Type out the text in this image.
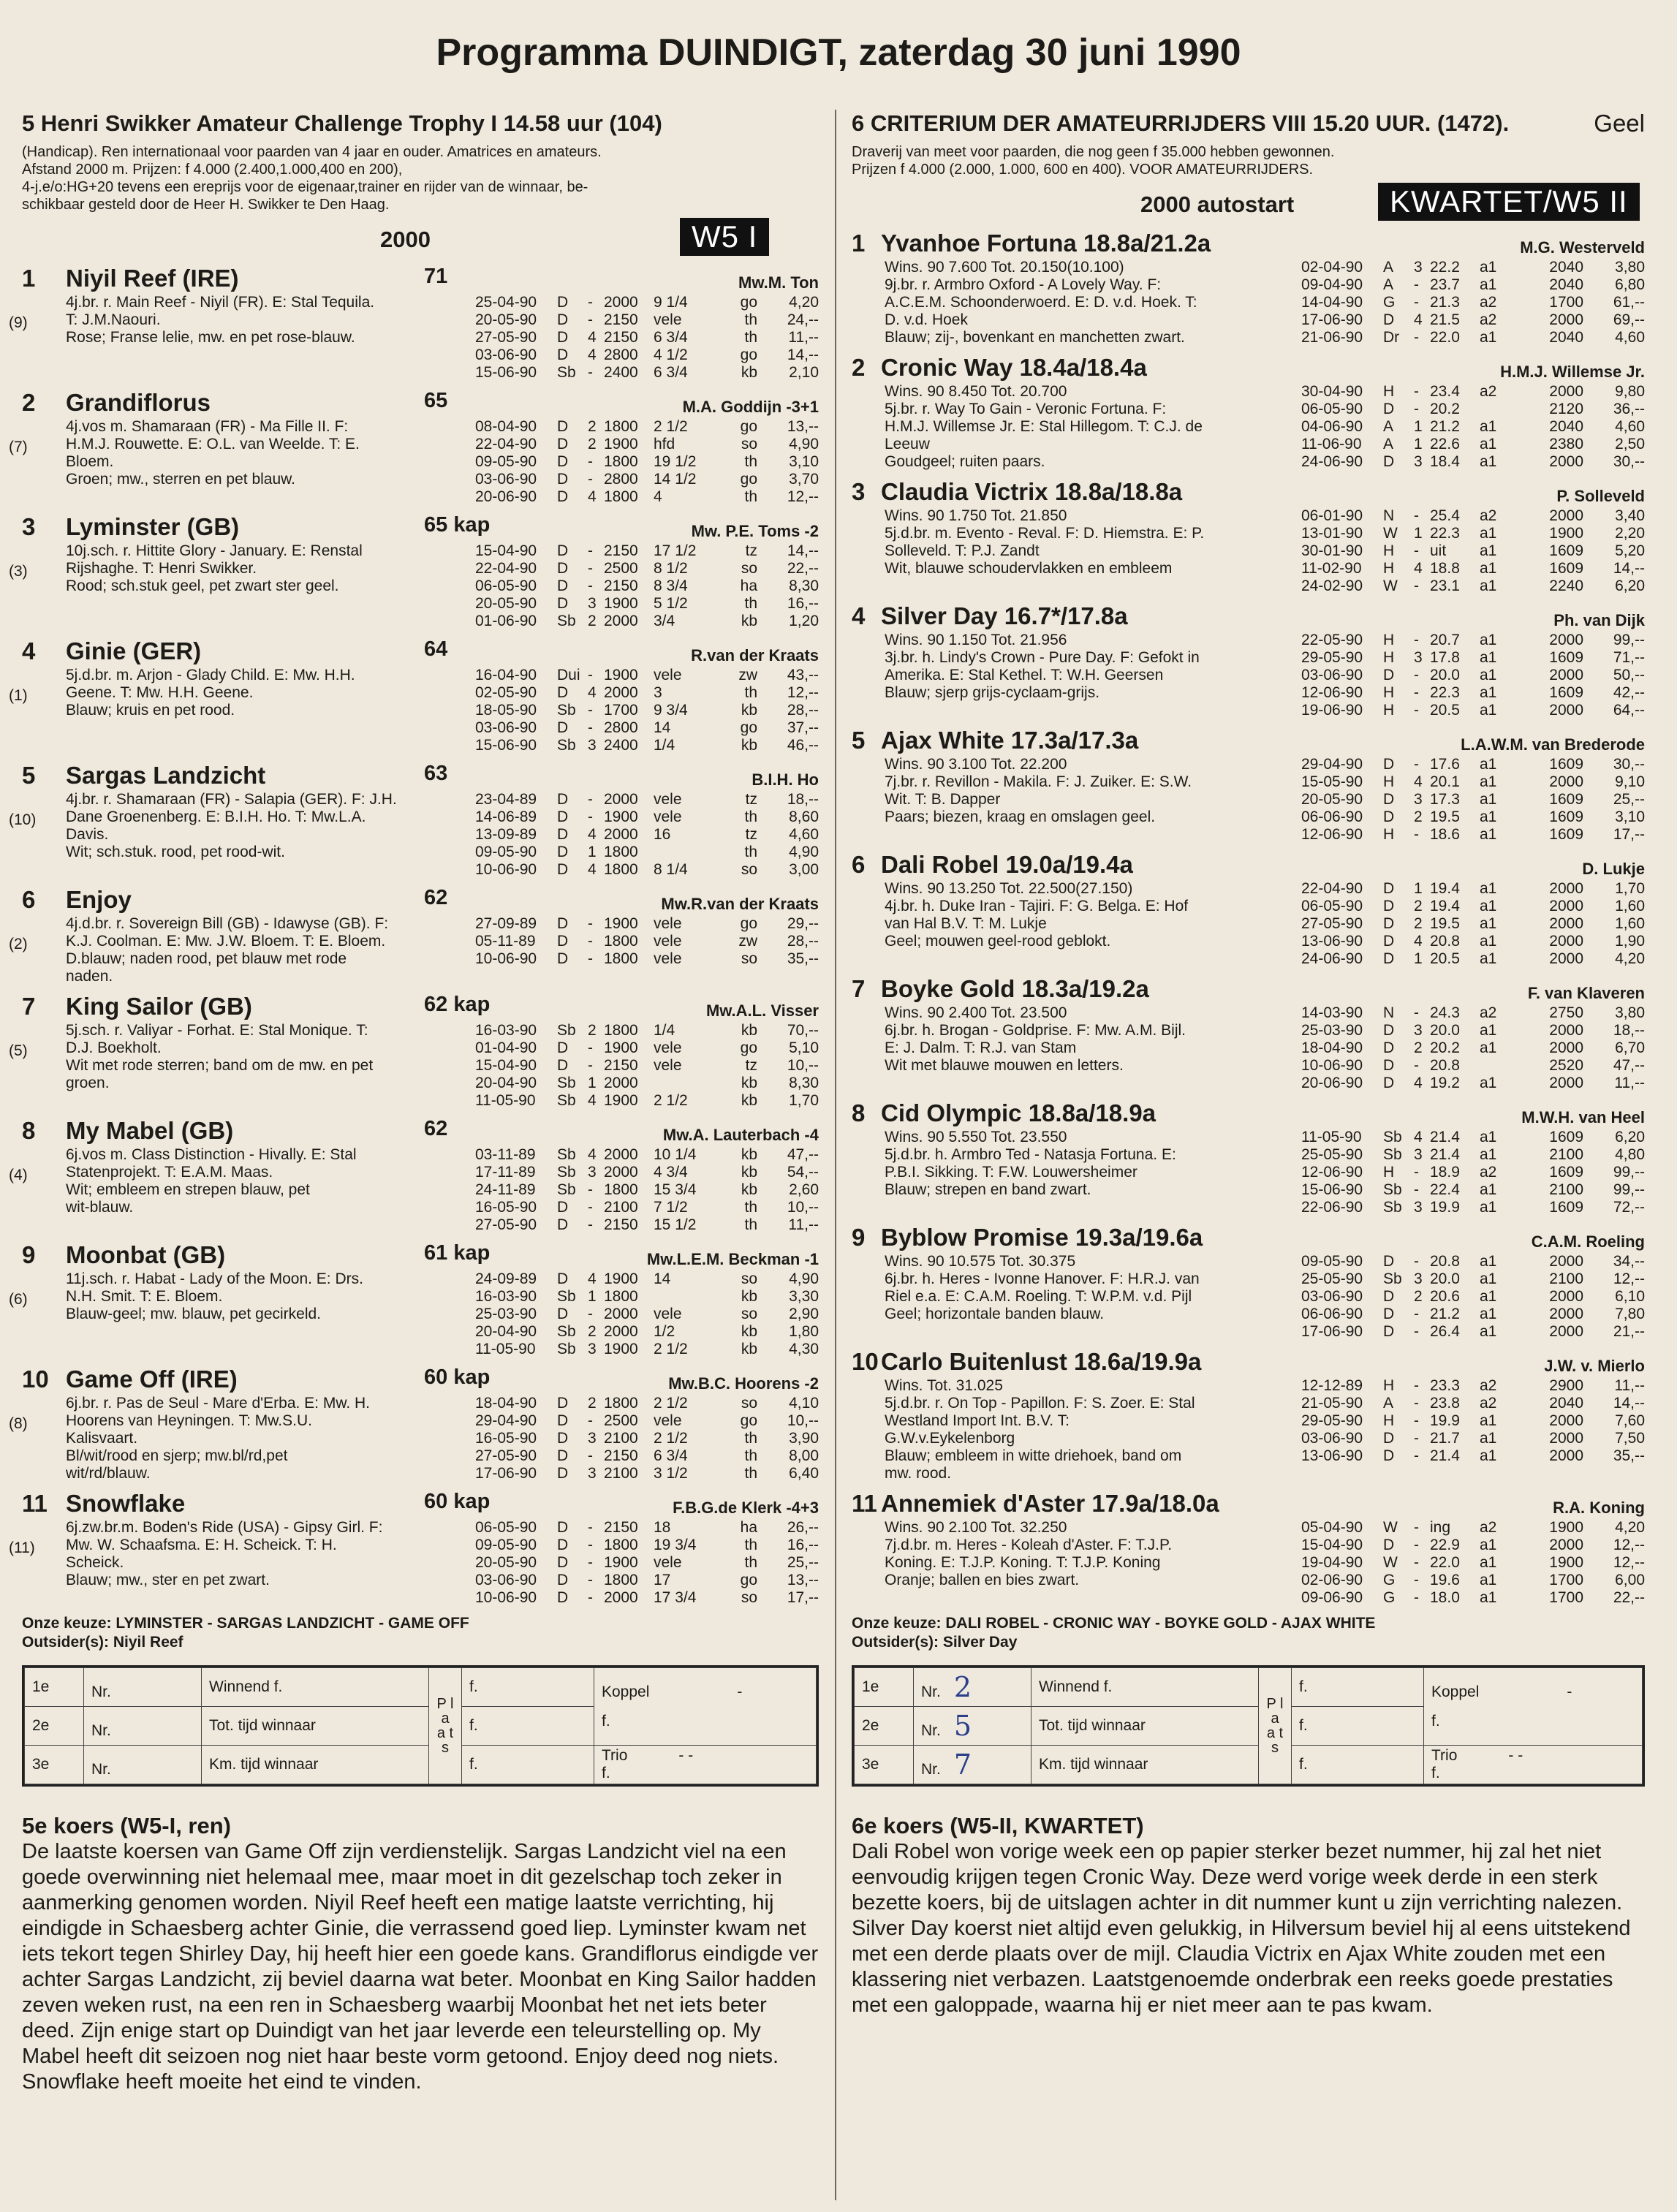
Programma DUINDIGT, zaterdag 30 juni 1990
5 Henri Swikker Amateur Challenge Trophy I 14.58 uur (104)
(Handicap). Ren internationaal voor paarden van 4 jaar en ouder. Amatrices en amateurs.
Afstand 2000 m. Prijzen: f 4.000 (2.400,1.000,400 en 200),
4-j.e/o:HG+20 tevens een ereprijs voor de eigenaar,trainer en rijder van de winnaar, be-
schikbaar gesteld door de Heer H. Swikker te Den Haag.
2000	W5 I
1 Niyil Reef (IRE)	71	Mw.M. Ton
4j.br. r. Main Reef - Niyil (FR). E: Stal Tequila.
T: J.M.Naouri.
Rose; Franse lelie, mw. en pet rose-blauw.
(9)
25-04-90 D - 2000 9 1/4	go 4,20
20-05-90 D - 2150 vele	th 24,--
27-05-90 D 4 2150 6 3/4	th 11,--
03-06-90 D 4 2800 4 1/2	go 14,--
15-06-90 Sb - 2400 6 3/4	kb 2,10
2 Grandiflorus	65	M.A. Goddijn -3+1
4j.vos m. Shamaraan (FR) - Ma Fille II. F:
H.M.J. Rouwette. E: O.L. van Weelde. T: E.
Bloem.
Groen; mw., sterren en pet blauw.
(7)
08-04-90 D 2 1800 2 1/2	go 13,--
22-04-90 D 2 1900 hfd	so 4,90
09-05-90 D - 1800 19 1/2	th 3,10
03-06-90 D - 2800 14 1/2	go 3,70
20-06-90 D 4 1800 4	th 12,--
3 Lyminster (GB)	65 kap	Mw. P.E. Toms -2
10j.sch. r. Hittite Glory - January. E: Renstal
Rijshaghe. T: Henri Swikker.
Rood; sch.stuk geel, pet zwart ster geel.
(3)
15-04-90 D - 2150 17 1/2	tz 14,--
22-04-90 D - 2500 8 1/2	so 22,--
06-05-90 D - 2150 8 3/4	ha 8,30
20-05-90 D 3 1900 5 1/2	th 16,--
01-06-90 Sb 2 2000 3/4	kb 1,20
4 Ginie (GER)	64	R.van der Kraats
5j.d.br. m. Arjon - Glady Child. E: Mw. H.H.
Geene. T: Mw. H.H. Geene.
Blauw; kruis en pet rood.
(1)
16-04-90 Dui - 1900 vele	zw 43,--
02-05-90 D 4 2000 3	th 12,--
18-05-90 Sb - 1700 9 3/4	kb 28,--
03-06-90 D - 2800 14	go 37,--
15-06-90 Sb 3 2400 1/4	kb 46,--
5 Sargas Landzicht	63	B.I.H. Ho
4j.br. r. Shamaraan (FR) - Salapia (GER). F: J.H.
Dane Groenenberg. E: B.I.H. Ho. T: Mw.L.A.
Davis.
Wit; sch.stuk. rood, pet rood-wit.
(10)
23-04-89 D - 2000 vele	tz 18,--
14-06-89 D - 1900 vele	th 8,60
13-09-89 D 4 2000 16	tz 4,60
09-05-90 D 1 1800	th 4,90
10-06-90 D 4 1800 8 1/4	so 3,00
6 Enjoy	62	Mw.R.van der Kraats
4j.d.br. r. Sovereign Bill (GB) - Idawyse (GB). F:
K.J. Coolman. E: Mw. J.W. Bloem. T: E. Bloem.
D.blauw; naden rood, pet blauw met rode
naden.
(2)
27-09-89 D - 1900 vele	go 29,--
05-11-89 D - 1800 vele	zw 28,--
10-06-90 D - 1800 vele	so 35,--
7 King Sailor (GB)	62 kap	Mw.A.L. Visser
5j.sch. r. Valiyar - Forhat. E: Stal Monique. T:
D.J. Boekholt.
Wit met rode sterren; band om de mw. en pet
groen.
(5)
16-03-90 Sb 2 1800 1/4	kb 70,--
01-04-90 D - 1900 vele	go 5,10
15-04-90 D - 2150 vele	tz 10,--
20-04-90 Sb 1 2000	kb 8,30
11-05-90 Sb 4 1900 2 1/2	kb 1,70
8 My Mabel (GB)	62	Mw.A. Lauterbach -4
6j.vos m. Class Distinction - Hivally. E: Stal
Statenprojekt. T: E.A.M. Maas.
Wit; embleem en strepen blauw, pet
wit-blauw.
(4)
03-11-89 Sb 4 2000 10 1/4	kb 47,--
17-11-89 Sb 3 2000 4 3/4	kb 54,--
24-11-89 Sb - 1800 15 3/4	kb 2,60
16-05-90 D - 2100 7 1/2	th 10,--
27-05-90 D - 2150 15 1/2	th 11,--
9 Moonbat (GB)	61 kap	Mw.L.E.M. Beckman -1
11j.sch. r. Habat - Lady of the Moon. E: Drs.
N.H. Smit. T: E. Bloem.
Blauw-geel; mw. blauw, pet gecirkeld.
(6)
24-09-89 D 4 1900 14	so 4,90
16-03-90 Sb 1 1800	kb 3,30
25-03-90 D - 2000 vele	so 2,90
20-04-90 Sb 2 2000 1/2	kb 1,80
11-05-90 Sb 3 1900 2 1/2	kb 4,30
10 Game Off (IRE)	60 kap	Mw.B.C. Hoorens -2
6j.br. r. Pas de Seul - Mare d'Erba. E: Mw. H.
Hoorens van Heyningen. T: Mw.S.U.
Kalisvaart.
Bl/wit/rood en sjerp; mw.bl/rd,pet
wit/rd/blauw.
(8)
18-04-90 D 2 1800 2 1/2	so 4,10
29-04-90 D - 2500 vele	go 10,--
16-05-90 D 3 2100 2 1/2	th 3,90
27-05-90 D - 2150 6 3/4	th 8,00
17-06-90 D 3 2100 3 1/2	th 6,40
11 Snowflake	60 kap	F.B.G.de Klerk -4+3
6j.zw.br.m. Boden's Ride (USA) - Gipsy Girl. F:
Mw. W. Schaafsma. E: H. Scheick. T: H.
Scheick.
Blauw; mw., ster en pet zwart.
(11)
06-05-90 D - 2150 18	ha 26,--
09-05-90 D - 1800 19 3/4	th 16,--
20-05-90 D - 1900 vele	th 25,--
03-06-90 D - 1800 17	go 13,--
10-06-90 D - 2000 17 3/4	so 17,--
Onze keuze: LYMINSTER - SARGAS LANDZICHT - GAME OFF
Outsider(s): Niyil Reef
1e	Nr.	Winnend f.	P l a a t s	f.	Koppel -
f.

2e	Nr.	Tot. tijd winnaar		f.	
3e	Nr.	Km. tijd winnaar		f.	Trio - -
f.
5e koers (W5-I, ren)
De laatste koersen van Game Off zijn verdienstelijk. Sargas Landzicht viel na een goede overwinning niet helemaal mee, maar moet in dit gezelschap toch zeker in aanmerking genomen worden. Niyil Reef heeft een matige laatste verrichting, hij eindigde in Schaesberg achter Ginie, die verrassend goed liep. Lyminster kwam net iets tekort tegen Shirley Day, hij heeft hier een goede kans. Grandiflorus eindigde ver achter Sargas Landzicht, zij beviel daarna wat beter. Moonbat en King Sailor hadden zeven weken rust, na een ren in Schaesberg waarbij Moonbat het net iets beter deed. Zijn enige start op Duindigt van het jaar leverde een teleurstelling op. My Mabel heeft dit seizoen nog niet haar beste vorm getoond. Enjoy deed nog niets. Snowflake heeft moeite het eind te vinden.
Geel
6 CRITERIUM DER AMATEURRIJDERS VIII 15.20 UUR. (1472).
Draverij van meet voor paarden, die nog geen f 35.000 hebben gewonnen.
Prijzen f 4.000 (2.000, 1.000, 600 en 400). VOOR AMATEURRIJDERS.
2000 autostart	KWARTET/W5 II
1 Yvanhoe Fortuna 18.8a/21.2a	M.G. Westerveld
Wins. 90 7.600 Tot. 20.150(10.100)
9j.br. r. Armbro Oxford - A Lovely Way. F:
A.C.E.M. Schoonderwoerd. E: D. v.d. Hoek. T:
D. v.d. Hoek
Blauw; zij-, bovenkant en manchetten zwart.
02-04-90 A 3 22.2 a1	2040 3,80
09-04-90 A - 23.7 a1	2040 6,80
14-04-90 G - 21.3 a2	1700 61,--
17-06-90 D 4 21.5 a2	2000 69,--
21-06-90 Dr - 22.0 a1	2040 4,60
2 Cronic Way 18.4a/18.4a	H.M.J. Willemse Jr.
Wins. 90 8.450 Tot. 20.700
5j.br. r. Way To Gain - Veronic Fortuna. F:
H.M.J. Willemse Jr. E: Stal Hillegom. T: C.J. de
Leeuw
Goudgeel; ruiten paars.
30-04-90 H - 23.4 a2	2000 9,80
06-05-90 D - 20.2	2120 36,--
04-06-90 A 1 21.2 a1	2040 4,60
11-06-90 A 1 22.6 a1	2380 2,50
24-06-90 D 3 18.4 a1	2000 30,--
3 Claudia Victrix 18.8a/18.8a	P. Solleveld
Wins. 90 1.750 Tot. 21.850
5j.d.br. m. Evento - Reval. F: D. Hiemstra. E: P.
Solleveld. T: P.J. Zandt
Wit, blauwe schoudervlakken en embleem
06-01-90 N - 25.4 a2	2000 3,40
13-01-90 W 1 22.3 a1	1900 2,20
30-01-90 H - uit a1	1609 5,20
11-02-90 H 4 18.8 a1	1609 14,--
24-02-90 W - 23.1 a1	2240 6,20
4 Silver Day 16.7*/17.8a	Ph. van Dijk
Wins. 90 1.150 Tot. 21.956
3j.br. h. Lindy's Crown - Pure Day. F: Gefokt in
Amerika. E: Stal Kethel. T: W.H. Geersen
Blauw; sjerp grijs-cyclaam-grijs.
22-05-90 H - 20.7 a1	2000 99,--
29-05-90 H 3 17.8 a1	1609 71,--
03-06-90 D - 20.0 a1	2000 50,--
12-06-90 H - 22.3 a1	1609 42,--
19-06-90 H - 20.5 a1	2000 64,--
5 Ajax White 17.3a/17.3a	L.A.W.M. van Brederode
Wins. 90 3.100 Tot. 22.200
7j.br. r. Revillon - Makila. F: J. Zuiker. E: S.W.
Wit. T: B. Dapper
Paars; biezen, kraag en omslagen geel.
29-04-90 D - 17.6 a1	1609 30,--
15-05-90 H 4 20.1 a1	2000 9,10
20-05-90 D 3 17.3 a1	1609 25,--
06-06-90 D 2 19.5 a1	1609 3,10
12-06-90 H - 18.6 a1	1609 17,--
6 Dali Robel 19.0a/19.4a	D. Lukje
Wins. 90 13.250 Tot. 22.500(27.150)
4j.br. h. Duke Iran - Tajiri. F: G. Belga. E: Hof
van Hal B.V. T: M. Lukje
Geel; mouwen geel-rood geblokt.
22-04-90 D 1 19.4 a1	2000 1,70
06-05-90 D 2 19.4 a1	2000 1,60
27-05-90 D 2 19.5 a1	2000 1,60
13-06-90 D 4 20.8 a1	2000 1,90
24-06-90 D 1 20.5 a1	2000 4,20
7 Boyke Gold 18.3a/19.2a	F. van Klaveren
Wins. 90 2.400 Tot. 23.500
6j.br. h. Brogan - Goldprise. F: Mw. A.M. Bijl.
E: J. Dalm. T: R.J. van Stam
Wit met blauwe mouwen en letters.
14-03-90 N - 24.3 a2	2750 3,80
25-03-90 D 3 20.0 a1	2000 18,--
18-04-90 D 2 20.2 a1	2000 6,70
10-06-90 D - 20.8	2520 47,--
20-06-90 D 4 19.2 a1	2000 11,--
8 Cid Olympic 18.8a/18.9a	M.W.H. van Heel
Wins. 90 5.550 Tot. 23.550
5j.d.br. h. Armbro Ted - Natasja Fortuna. E:
P.B.I. Sikking. T: F.W. Louwersheimer
Blauw; strepen en band zwart.
11-05-90 Sb 4 21.4 a1	1609 6,20
25-05-90 Sb 3 21.4 a1	2100 4,80
12-06-90 H - 18.9 a2	1609 99,--
15-06-90 Sb - 22.4 a1	2100 99,--
22-06-90 Sb 3 19.9 a1	1609 72,--
9 Byblow Promise 19.3a/19.6a	C.A.M. Roeling
Wins. 90 10.575 Tot. 30.375
6j.br. h. Heres - Ivonne Hanover. F: H.R.J. van
Riel e.a. E: C.A.M. Roeling. T: W.P.M. v.d. Pijl
Geel; horizontale banden blauw.
09-05-90 D - 20.8 a1	2000 34,--
25-05-90 Sb 3 20.0 a1	2100 12,--
03-06-90 D 2 20.6 a1	2000 6,10
06-06-90 D - 21.2 a1	2000 7,80
17-06-90 D - 26.4 a1	2000 21,--
10 Carlo Buitenlust 18.6a/19.9a	J.W. v. Mierlo
Wins. Tot. 31.025
5j.d.br. r. On Top - Papillon. F: S. Zoer. E: Stal
Westland Import Int. B.V. T:
G.W.v.Eykelenborg
Blauw; embleem in witte driehoek, band om
mw. rood.
12-12-89 H - 23.3 a2	2900 11,--
21-05-90 A - 23.8 a2	2040 14,--
29-05-90 H - 19.9 a1	2000 7,60
03-06-90 D - 21.7 a1	2000 7,50
13-06-90 D - 21.4 a1	2000 35,--
11 Annemiek d'Aster 17.9a/18.0a	R.A. Koning
Wins. 90 2.100 Tot. 32.250
7j.d.br. m. Heres - Koleah d'Aster. F: T.J.P.
Koning. E: T.J.P. Koning. T: T.J.P. Koning
Oranje; ballen en bies zwart.
05-04-90 W - ing a2	1900 4,20
15-04-90 D - 22.9 a1	2000 12,--
19-04-90 W - 22.0 a1	1900 12,--
02-06-90 G - 19.6 a1	1700 6,00
09-06-90 G - 18.0 a1	1700 22,--
Onze keuze: DALI ROBEL - CRONIC WAY - BOYKE GOLD - AJAX WHITE
Outsider(s): Silver Day
1e	Nr. 2	Winnend f.	P l a a t s	f.	Koppel -
f.

2e	Nr. 5	Tot. tijd winnaar		f.	
3e	Nr. 7	Km. tijd winnaar		f.	Trio - -
f.
6e koers (W5-II, KWARTET)
Dali Robel won vorige week een op papier sterker bezet nummer, hij zal het niet eenvoudig krijgen tegen Cronic Way. Deze werd vorige week derde in een sterk bezette koers, bij de uitslagen achter in dit nummer kunt u zijn verrichting nalezen. Silver Day koerst niet altijd even gelukkig, in Hilversum beviel hij al eens uitstekend met een derde plaats over de mijl. Claudia Victrix en Ajax White zouden met een klassering niet verbazen. Laatstgenoemde onderbrak een reeks goede prestaties met een galoppade, waarna hij er niet meer aan te pas kwam.
